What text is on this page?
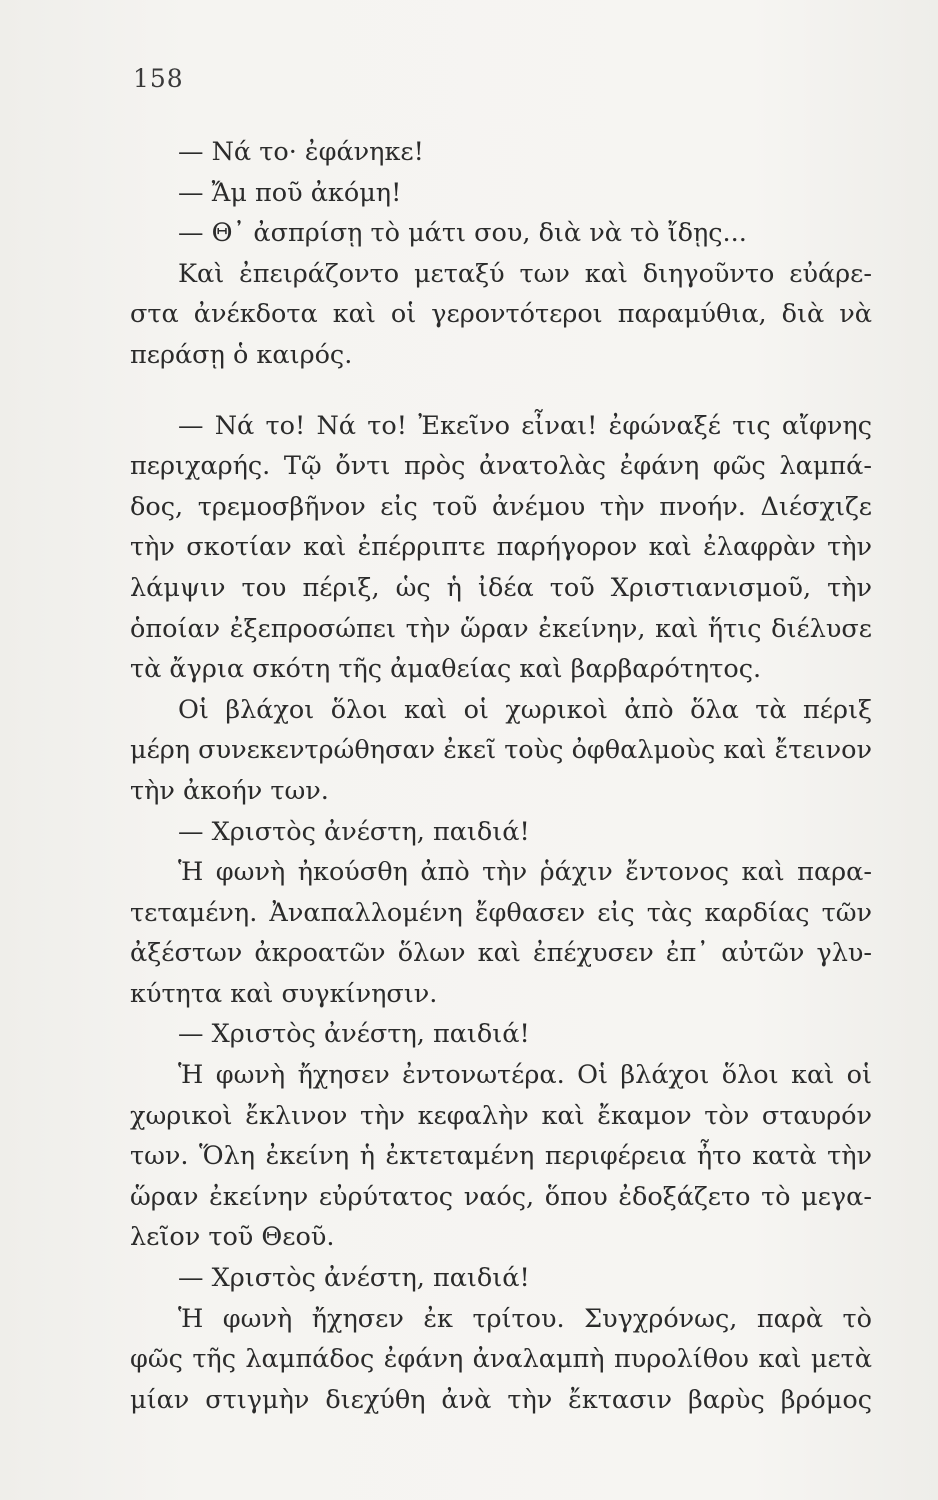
158
— Νά το· ἐφάνηκε!
— Ἄμ ποῦ ἀκόμη!
— Θ᾽ ἀσπρίσῃ τὸ μάτι σου, διὰ νὰ τὸ ἴδῃς...
Καὶ ἐπειράζοντο μεταξύ των καὶ διηγοῦντο εὐάρε-
στα ἀνέκδοτα καὶ οἱ γεροντότεροι παραμύθια, διὰ νὰ
περάσῃ ὁ καιρός.
— Νά το! Νά το! Ἐκεῖνο εἶναι! ἐφώναξέ τις αἴφνης
περιχαρής. Τῷ ὄντι πρὸς ἀνατολὰς ἐφάνη φῶς λαμπά-
δος, τρεμοσβῆνον εἰς τοῦ ἀνέμου τὴν πνοήν. Διέσχιζε
τὴν σκοτίαν καὶ ἐπέρριπτε παρήγορον καὶ ἐλαφρὰν τὴν
λάμψιν του πέριξ, ὡς ἡ ἰδέα τοῦ Χριστιανισμοῦ, τὴν
ὁποίαν ἐξεπροσώπει τὴν ὥραν ἐκείνην, καὶ ἥτις διέλυσε
τὰ ἄγρια σκότη τῆς ἀμαθείας καὶ βαρβαρότητος.
Οἱ βλάχοι ὅλοι καὶ οἱ χωρικοὶ ἀπὸ ὅλα τὰ πέριξ
μέρη συνεκεντρώθησαν ἐκεῖ τοὺς ὀφθαλμοὺς καὶ ἔτεινον
τὴν ἀκοήν των.
— Χριστὸς ἀνέστη, παιδιά!
Ἡ φωνὴ ἠκούσθη ἀπὸ τὴν ῥάχιν ἔντονος καὶ παρα-
τεταμένη. Ἀναπαλλομένη ἔφθασεν εἰς τὰς καρδίας τῶν
ἀξέστων ἀκροατῶν ὅλων καὶ ἐπέχυσεν ἐπ᾽ αὐτῶν γλυ-
κύτητα καὶ συγκίνησιν.
— Χριστὸς ἀνέστη, παιδιά!
Ἡ φωνὴ ἤχησεν ἐντονωτέρα. Οἱ βλάχοι ὅλοι καὶ οἱ
χωρικοὶ ἔκλινον τὴν κεφαλὴν καὶ ἔκαμον τὸν σταυρόν
των. Ὅλη ἐκείνη ἡ ἐκτεταμένη περιφέρεια ἦτο κατὰ τὴν
ὥραν ἐκείνην εὐρύτατος ναός, ὅπου ἐδοξάζετο τὸ μεγα-
λεῖον τοῦ Θεοῦ.
— Χριστὸς ἀνέστη, παιδιά!
Ἡ φωνὴ ἤχησεν ἐκ τρίτου. Συγχρόνως, παρὰ τὸ
φῶς τῆς λαμπάδος ἐφάνη ἀναλαμπὴ πυρολίθου καὶ μετὰ
μίαν στιγμὴν διεχύθη ἀνὰ τὴν ἔκτασιν βαρὺς βρόμος
